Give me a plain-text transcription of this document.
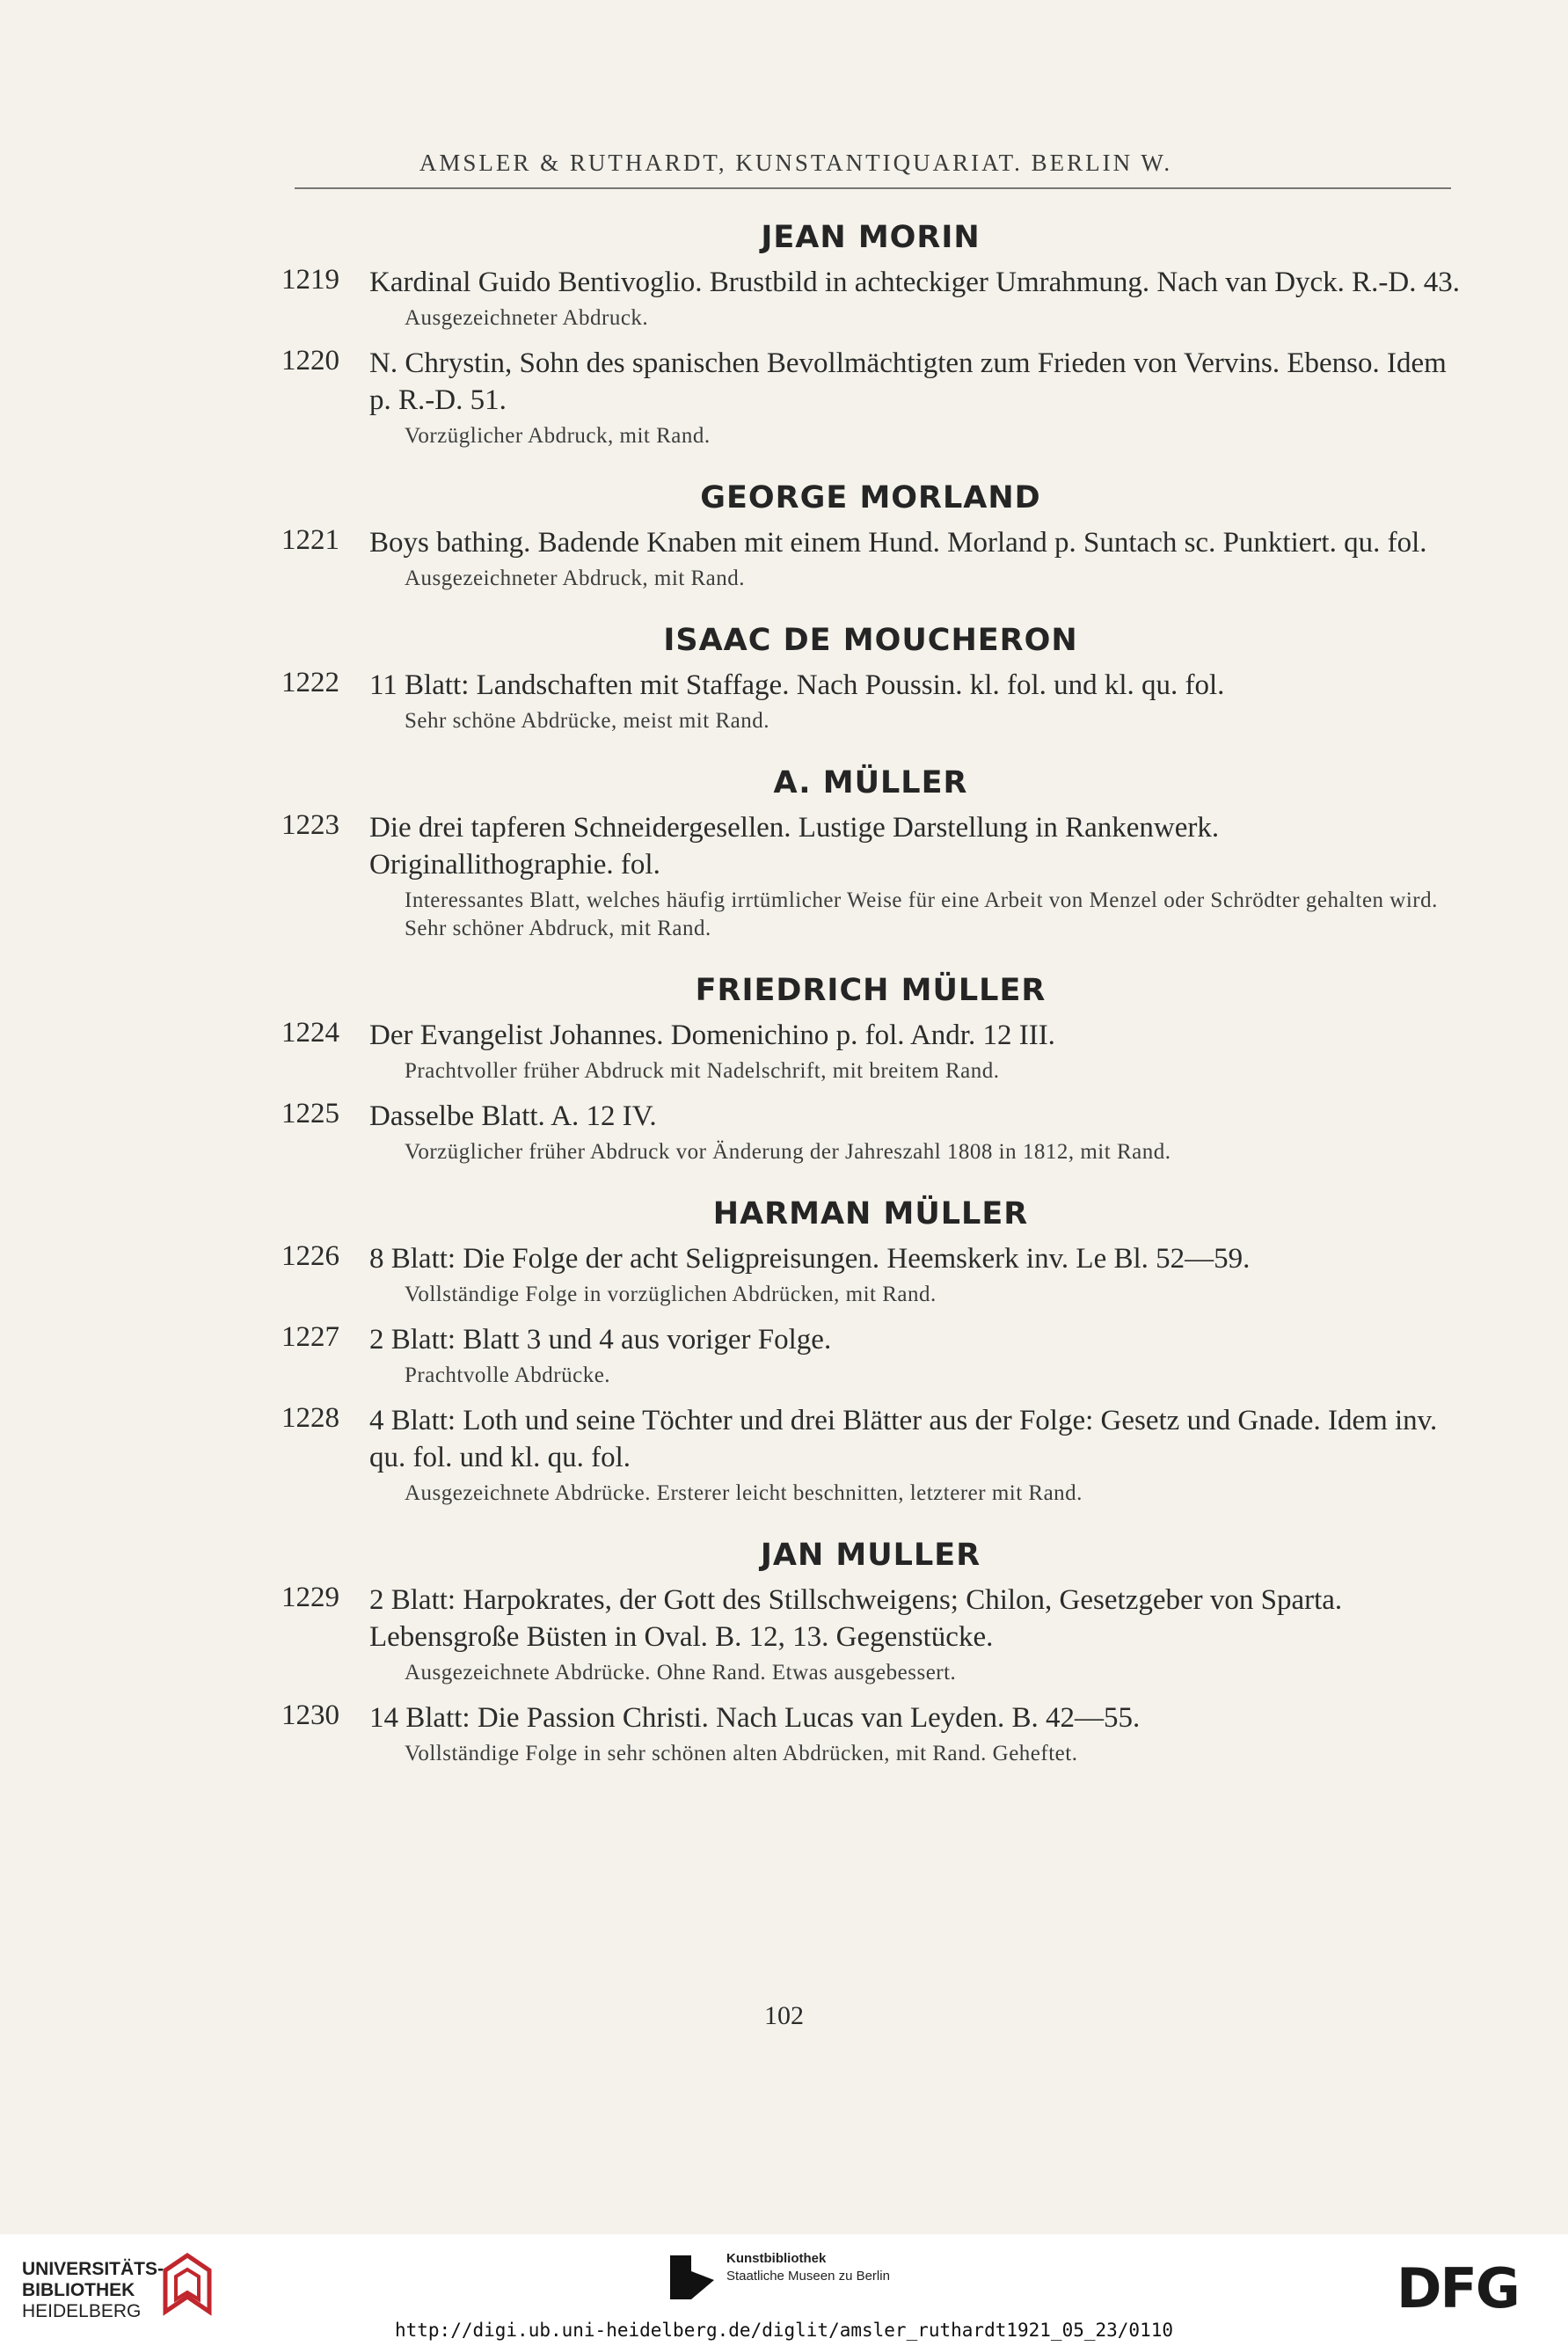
AMSLER & RUTHARDT, KUNSTANTIQUARIAT. BERLIN W.
JEAN MORIN
1219 Kardinal Guido Bentivoglio. Brustbild in achteckiger Umrahmung. Nach van Dyck. R.-D. 43.
Ausgezeichneter Abdruck.
1220 N. Chrystin, Sohn des spanischen Bevollmächtigten zum Frieden von Vervins. Ebenso. Idem p. R.-D. 51.
Vorzüglicher Abdruck, mit Rand.
GEORGE MORLAND
1221 Boys bathing. Badende Knaben mit einem Hund. Morland p. Suntach sc. Punktiert. qu. fol.
Ausgezeichneter Abdruck, mit Rand.
ISAAC DE MOUCHERON
1222 11 Blatt: Landschaften mit Staffage. Nach Poussin. kl. fol. und kl. qu. fol.
Sehr schöne Abdrücke, meist mit Rand.
A. MÜLLER
1223 Die drei tapferen Schneidergesellen. Lustige Darstellung in Rankenwerk. Originallithographie. fol.
Interessantes Blatt, welches häufig irrtümlicher Weise für eine Arbeit von Menzel oder Schrödter gehalten wird. Sehr schöner Abdruck, mit Rand.
FRIEDRICH MÜLLER
1224 Der Evangelist Johannes. Domenichino p. fol. Andr. 12 III.
Prachtvoller früher Abdruck mit Nadelschrift, mit breitem Rand.
1225 Dasselbe Blatt. A. 12 IV.
Vorzüglicher früher Abdruck vor Änderung der Jahreszahl 1808 in 1812, mit Rand.
HARMAN MÜLLER
1226 8 Blatt: Die Folge der acht Seligpreisungen. Heemskerk inv. Le Bl. 52—59.
Vollständige Folge in vorzüglichen Abdrücken, mit Rand.
1227 2 Blatt: Blatt 3 und 4 aus voriger Folge.
Prachtvolle Abdrücke.
1228 4 Blatt: Loth und seine Töchter und drei Blätter aus der Folge: Gesetz und Gnade. Idem inv. qu. fol. und kl. qu. fol.
Ausgezeichnete Abdrücke. Ersterer leicht beschnitten, letzterer mit Rand.
JAN MULLER
1229 2 Blatt: Harpokrates, der Gott des Stillschweigens; Chilon, Gesetzgeber von Sparta. Lebensgroße Büsten in Oval. B. 12, 13. Gegenstücke.
Ausgezeichnete Abdrücke. Ohne Rand. Etwas ausgebessert.
1230 14 Blatt: Die Passion Christi. Nach Lucas van Leyden. B. 42—55.
Vollständige Folge in sehr schönen alten Abdrücken, mit Rand. Geheftet.
102
UNIVERSITÄTS-
BIBLIOTHEK
HEIDELBERG
Kunstbibliothek
Staatliche Museen zu Berlin	DFG
http://digi.ub.uni-heidelberg.de/diglit/amsler_ruthardt1921_05_23/0110
